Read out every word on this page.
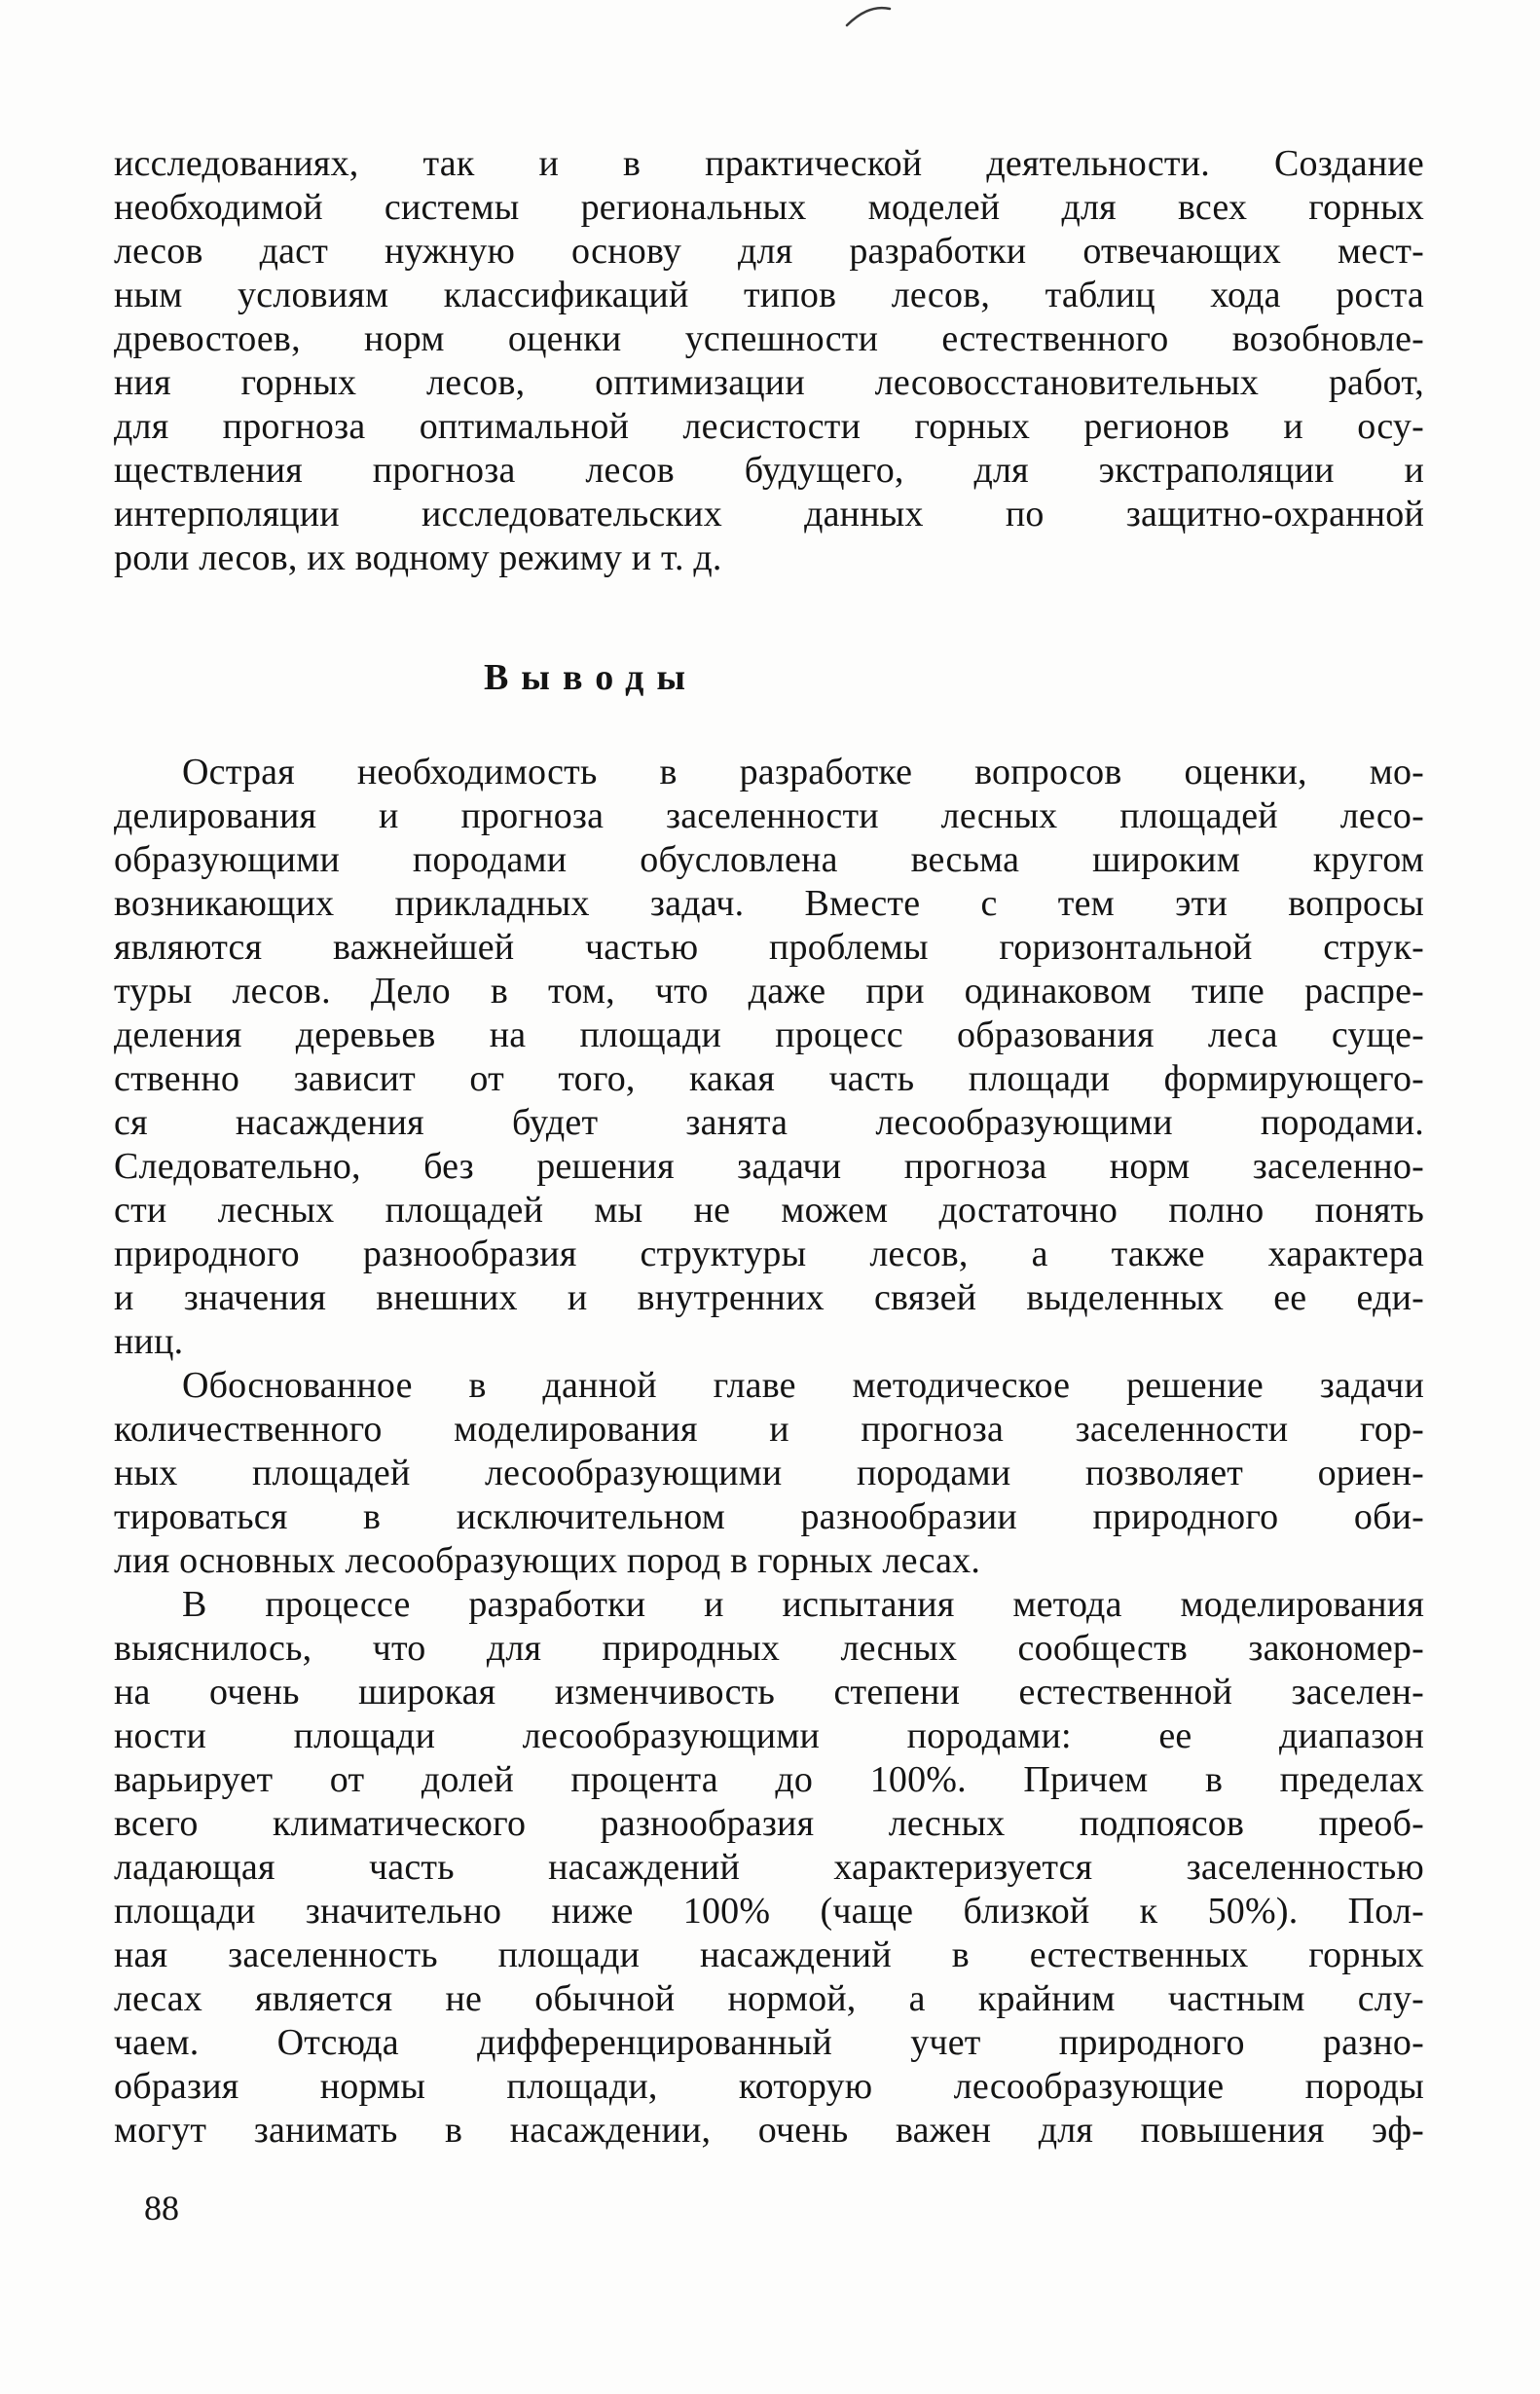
исследованиях, так и в практической деятельности. Создание
необходимой системы региональных моделей для всех горных
лесов даст нужную основу для разработки отвечающих мест-
ным условиям классификаций типов лесов, таблиц хода роста
древостоев, норм оценки успешности естественного возобновле-
ния горных лесов, оптимизации лесовосстановительных работ,
для прогноза оптимальной лесистости горных регионов и осу-
ществления прогноза лесов будущего, для экстраполяции и
интерполяции исследовательских данных по защитно-охранной
роли лесов, их водному режиму и т. д.
Выводы
Острая необходимость в разработке вопросов оценки, мо-
делирования и прогноза заселенности лесных площадей лесо-
образующими породами обусловлена весьма широким кругом
возникающих прикладных задач. Вместе с тем эти вопросы
являются важнейшей частью проблемы горизонтальной струк-
туры лесов. Дело в том, что даже при одинаковом типе распре-
деления деревьев на площади процесс образования леса суще-
ственно зависит от того, какая часть площади формирующего-
ся насаждения будет занята лесообразующими породами.
Следовательно, без решения задачи прогноза норм заселенно-
сти лесных площадей мы не можем достаточно полно понять
природного разнообразия структуры лесов, а также характера
и значения внешних и внутренних связей выделенных ее еди-
ниц.
Обоснованное в данной главе методическое решение задачи
количественного моделирования и прогноза заселенности гор-
ных площадей лесообразующими породами позволяет ориен-
тироваться в исключительном разнообразии природного оби-
лия основных лесообразующих пород в горных лесах.
В процессе разработки и испытания метода моделирования
выяснилось, что для природных лесных сообществ закономер-
на очень широкая изменчивость степени естественной заселен-
ности площади лесообразующими породами: ее диапазон
варьирует от долей процента до 100%. Причем в пределах
всего климатического разнообразия лесных подпоясов преоб-
ладающая часть насаждений характеризуется заселенностью
площади значительно ниже 100% (чаще близкой к 50%). Пол-
ная заселенность площади насаждений в естественных горных
лесах является не обычной нормой, а крайним частным слу-
чаем. Отсюда дифференцированный учет природного разно-
образия нормы площади, которую лесообразующие породы
могут занимать в насаждении, очень важен для повышения эф-
88
